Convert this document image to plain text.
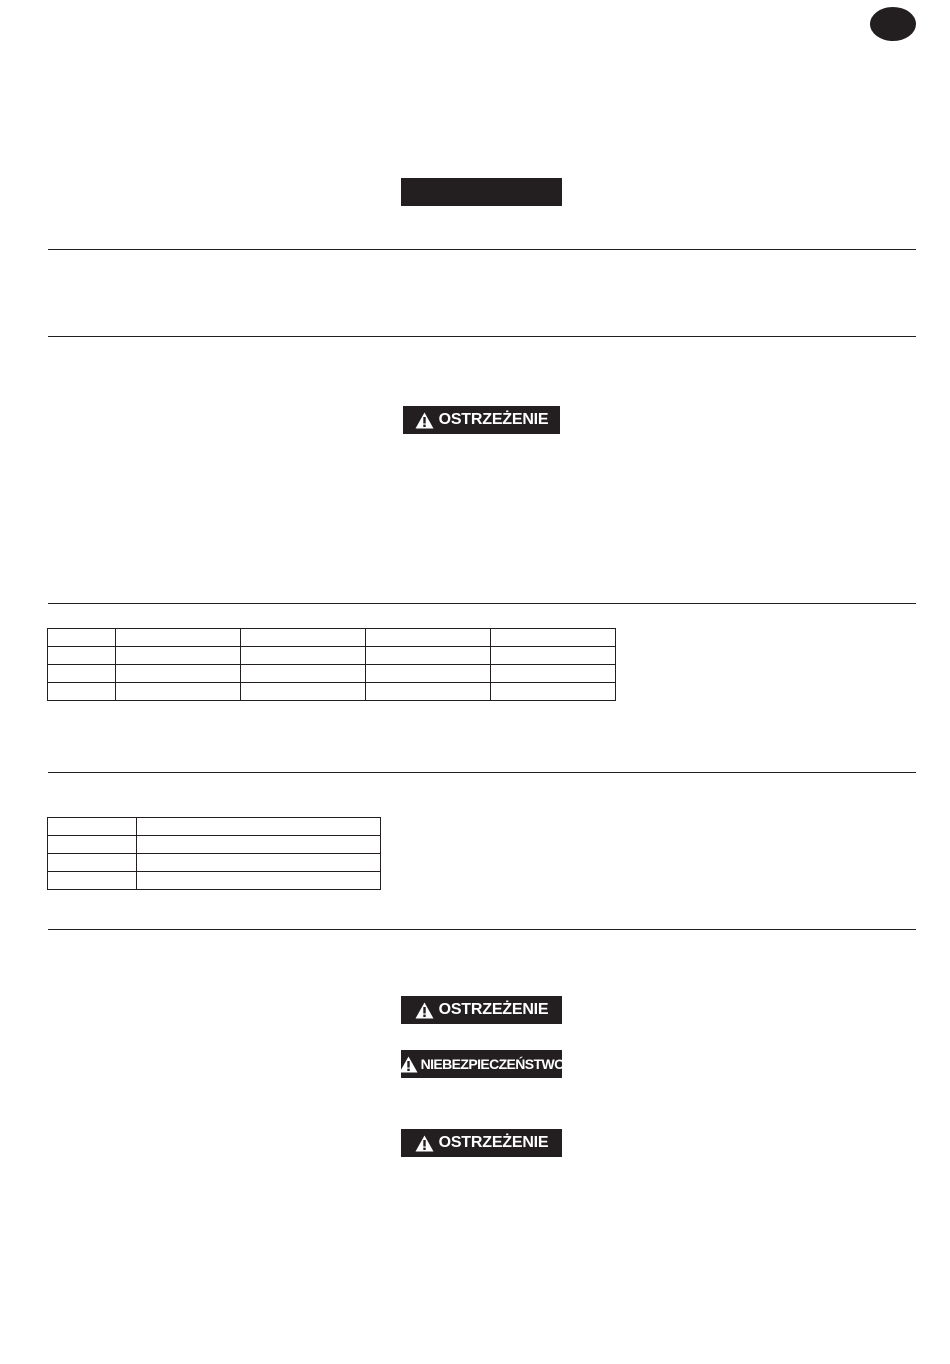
OSTRZEŻENIE

OSTRZEŻENIE
NIEBEZPIECZEŃSTWO
OSTRZEŻENIE
